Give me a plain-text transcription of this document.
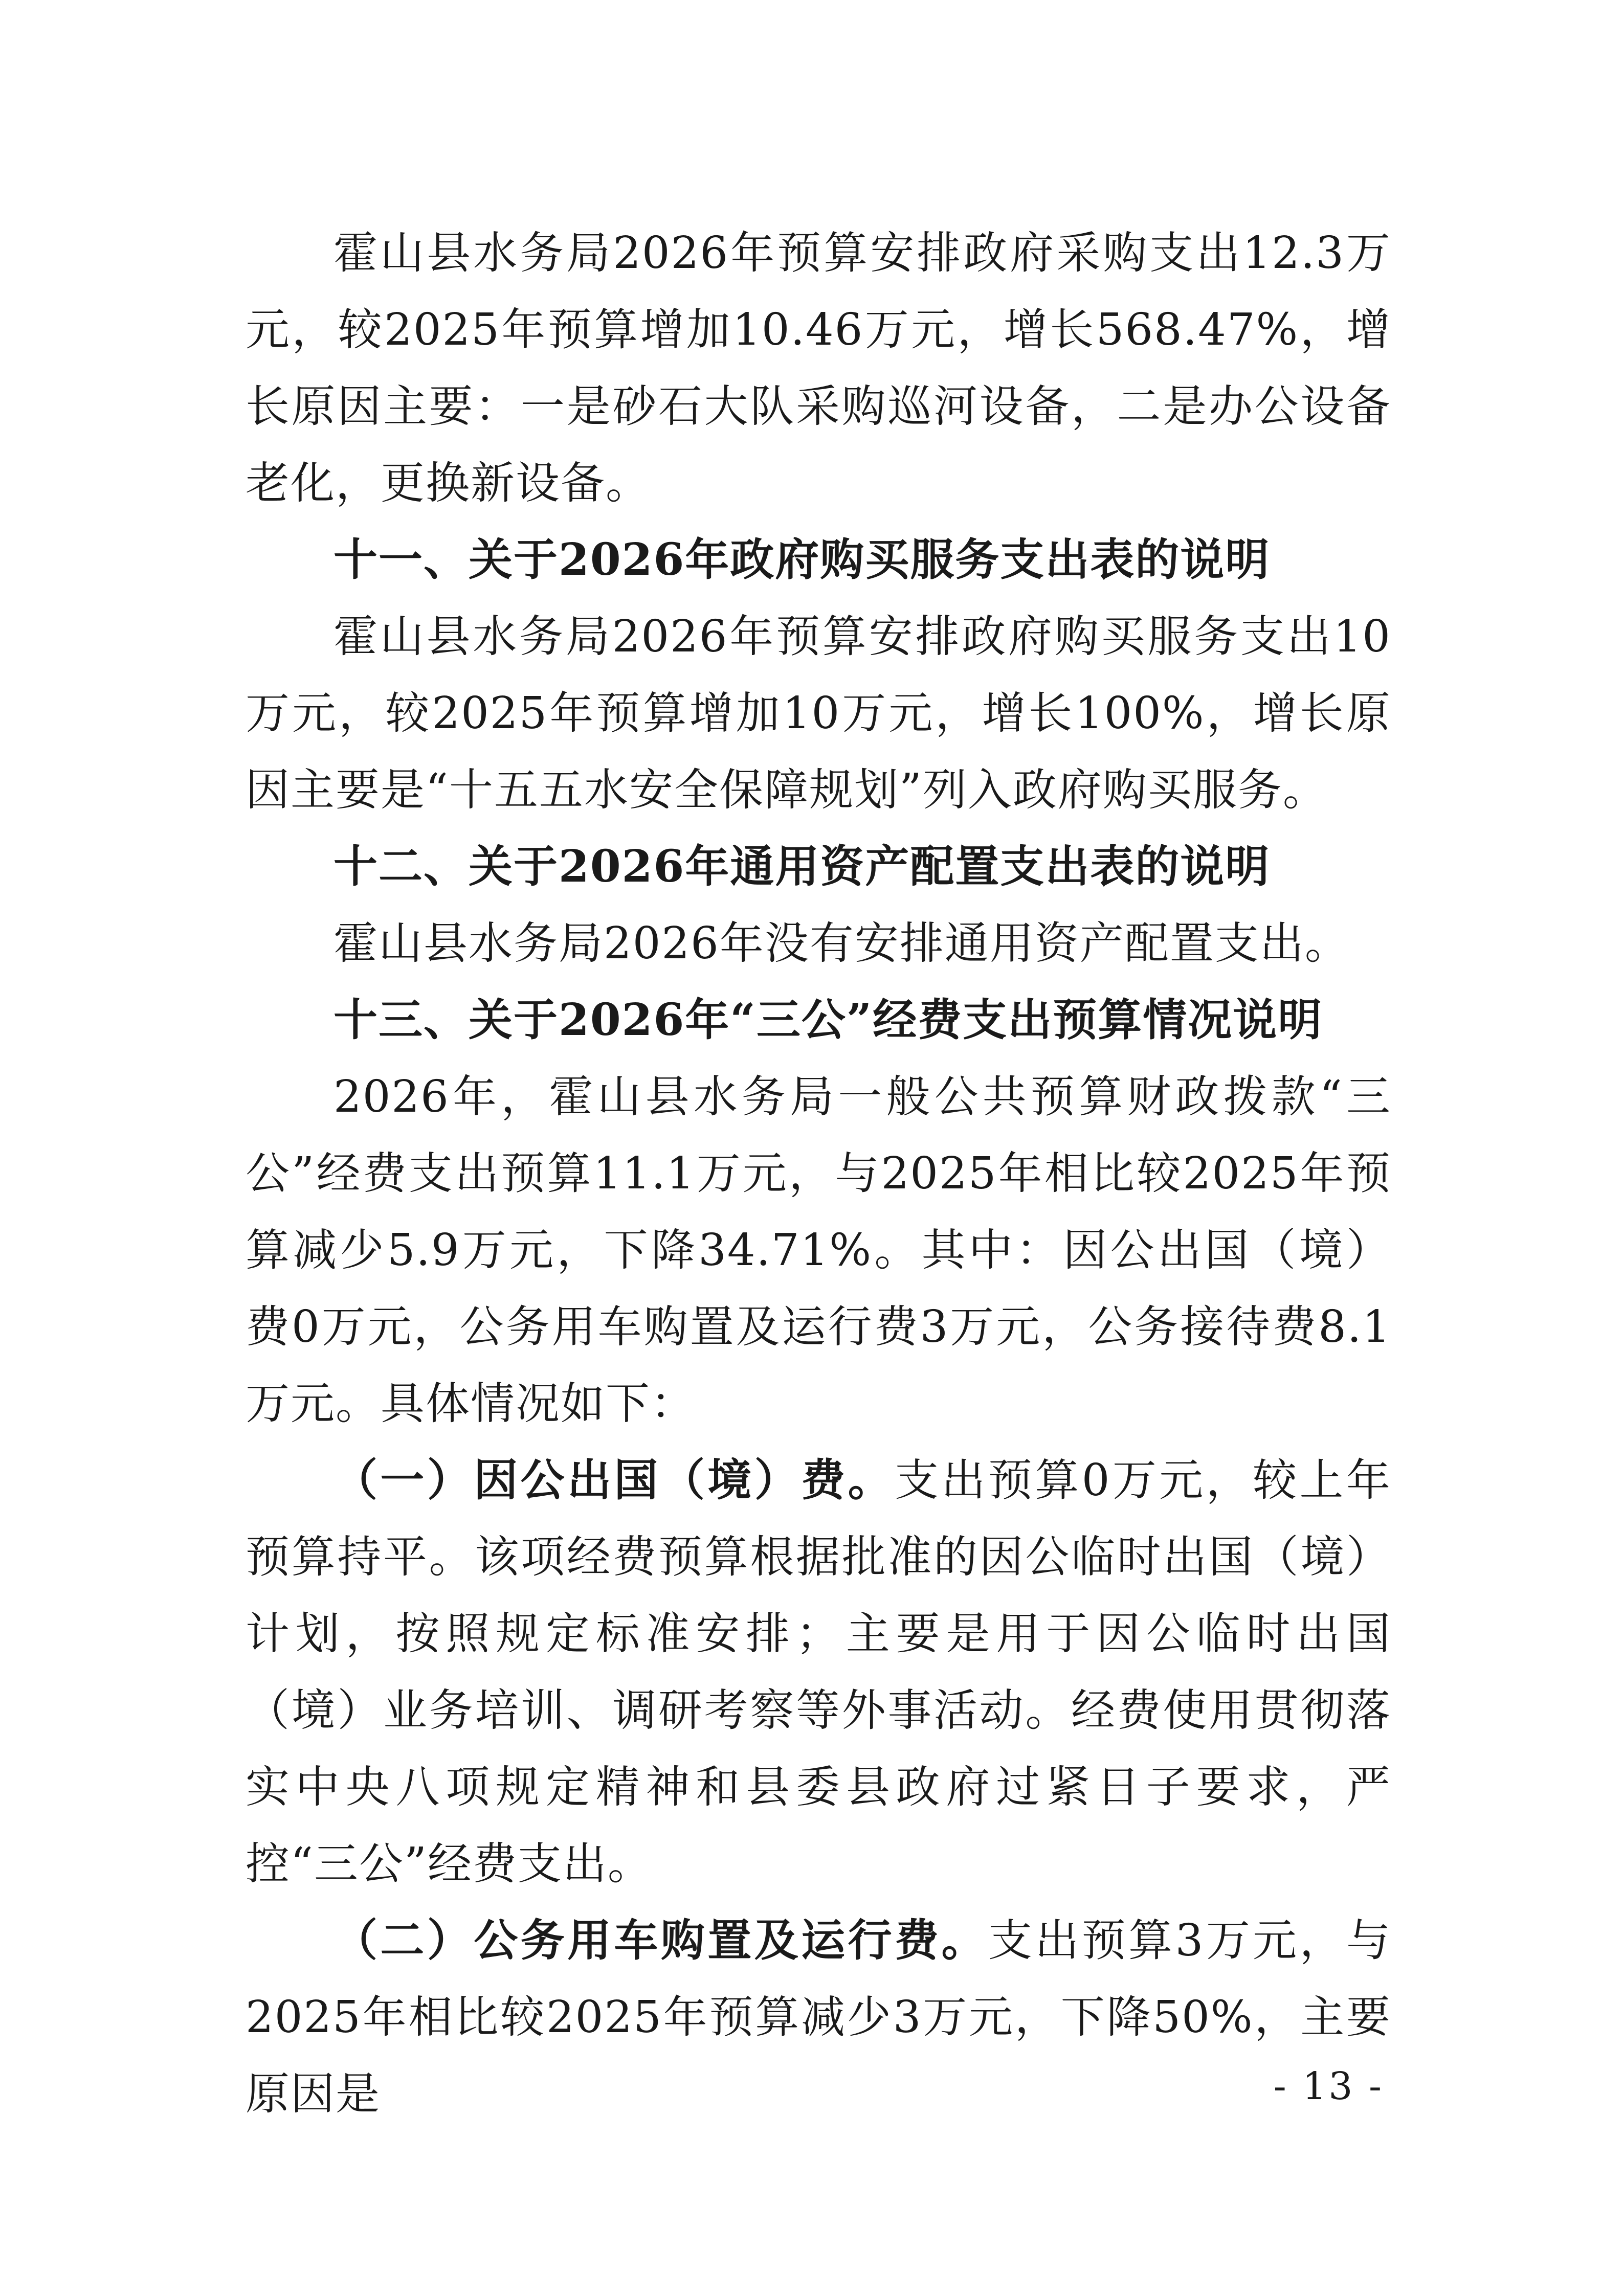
霍山县水务局2026年预算安排政府采购支出12.3万元，较2025年预算增加10.46万元，增长568.47%，增长原因主要：一是砂石大队采购巡河设备，二是办公设备老化，更换新设备。

十一、关于2026年政府购买服务支出表的说明

霍山县水务局2026年预算安排政府购买服务支出10万元，较2025年预算增加10万元，增长100%，增长原因主要是“十五五水安全保障规划”列入政府购买服务。

十二、关于2026年通用资产配置支出表的说明

霍山县水务局2026年没有安排通用资产配置支出。

十三、关于2026年“三公”经费支出预算情况说明

2026年，霍山县水务局一般公共预算财政拨款“三公”经费支出预算11.1万元，与2025年相比较2025年预算减少5.9万元，下降34.71%。其中：因公出国（境）费0万元，公务用车购置及运行费3万元，公务接待费8.1万元。具体情况如下：

（一）因公出国（境）费。支出预算0万元，较上年预算持平。该项经费预算根据批准的因公临时出国（境）计划，按照规定标准安排；主要是用于因公临时出国（境）业务培训、调研考察等外事活动。经费使用贯彻落实中央八项规定精神和县委县政府过紧日子要求，严控“三公”经费支出。

（二）公务用车购置及运行费。支出预算3万元，与2025年相比较2025年预算减少3万元，下降50%，主要原因是	- 13 -
